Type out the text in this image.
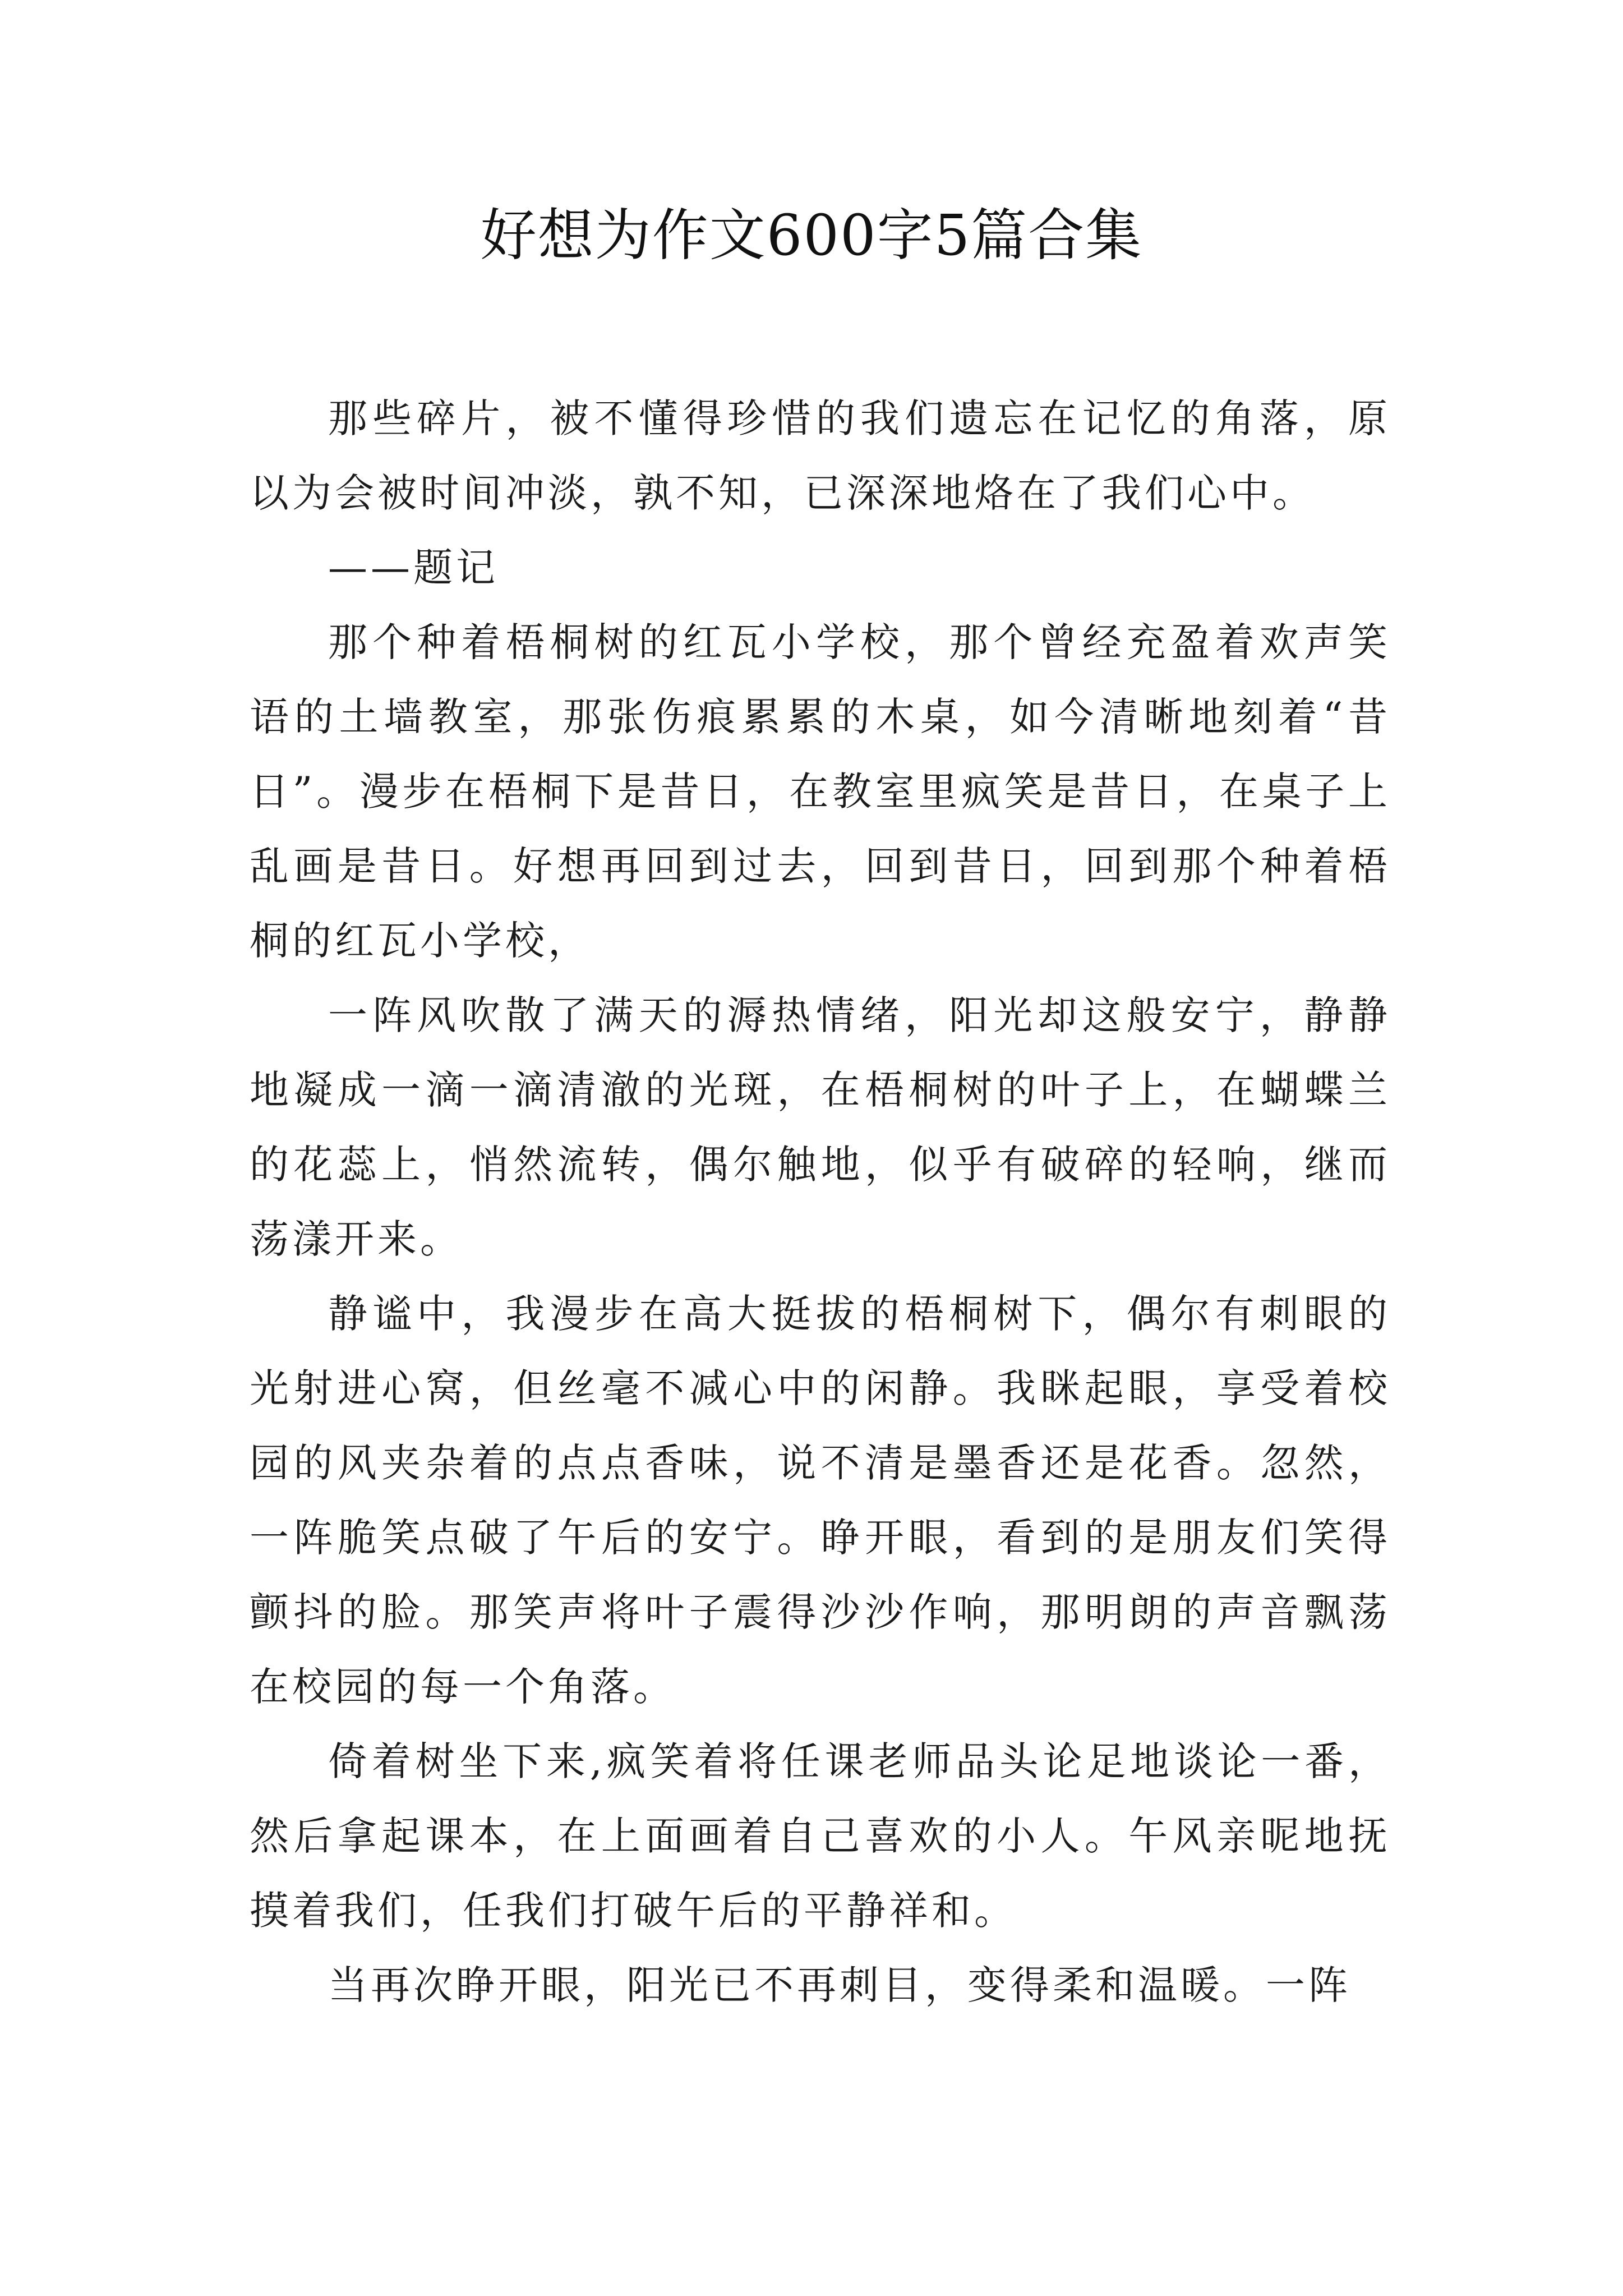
好想为作文600字5篇合集

那些碎片，被不懂得珍惜的我们遗忘在记忆的角落，原以为会被时间冲淡，孰不知，已深深地烙在了我们心中。

——题记

那个种着梧桐树的红瓦小学校，那个曾经充盈着欢声笑语的土墙教室，那张伤痕累累的木桌，如今清晰地刻着“昔日”。漫步在梧桐下是昔日，在教室里疯笑是昔日，在桌子上乱画是昔日。好想再回到过去，回到昔日，回到那个种着梧桐的红瓦小学校，

一阵风吹散了满天的溽热情绪，阳光却这般安宁，静静地凝成一滴一滴清澈的光斑，在梧桐树的叶子上，在蝴蝶兰的花蕊上，悄然流转，偶尔触地，似乎有破碎的轻响，继而荡漾开来。

静谧中，我漫步在高大挺拔的梧桐树下，偶尔有刺眼的光射进心窝，但丝毫不减心中的闲静。我眯起眼，享受着校园的风夹杂着的点点香味，说不清是墨香还是花香。忽然，一阵脆笑点破了午后的安宁。睁开眼，看到的是朋友们笑得颤抖的脸。那笑声将叶子震得沙沙作响，那明朗的声音飘荡在校园的每一个角落。

倚着树坐下来,疯笑着将任课老师品头论足地谈论一番，然后拿起课本，在上面画着自己喜欢的小人。午风亲昵地抚摸着我们，任我们打破午后的平静祥和。

当再次睁开眼，阳光已不再刺目，变得柔和温暖。一阵
